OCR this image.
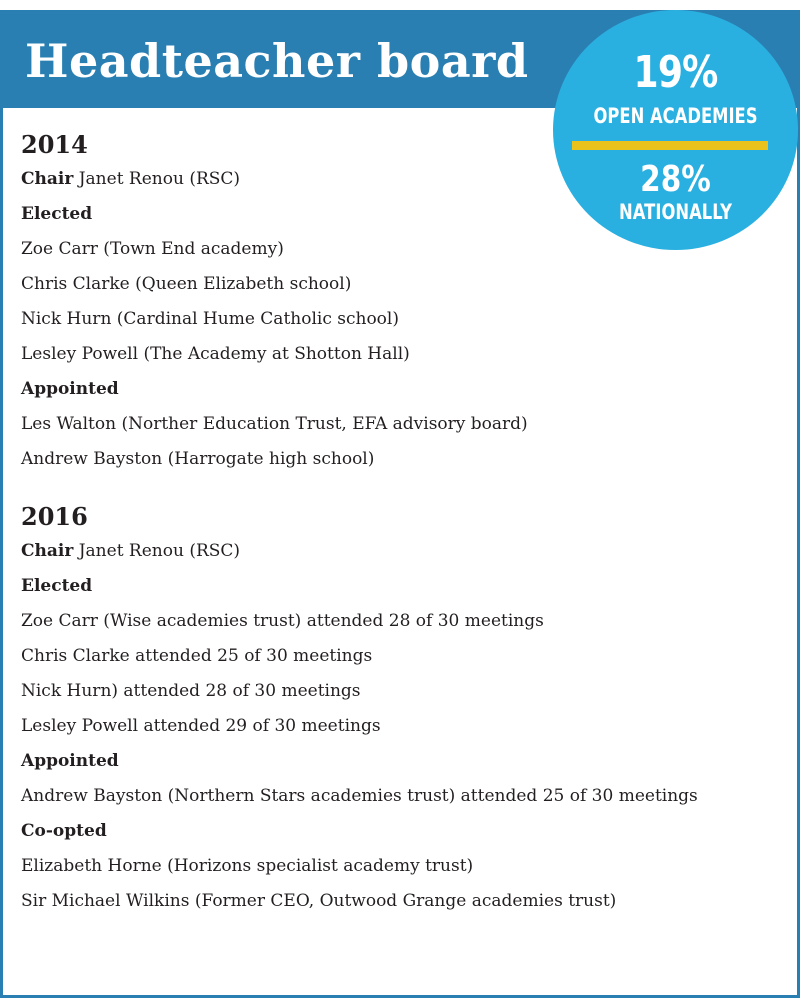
Headteacher board	19%
OPEN ACADEMIES
28%
NATIONALLY
2014
Chair Janet Renou (RSC)
Elected
Zoe Carr (Town End academy)
Chris Clarke (Queen Elizabeth school)
Nick Hurn (Cardinal Hume Catholic school)
Lesley Powell (The Academy at Shotton Hall)
Appointed
Les Walton (Norther Education Trust, EFA advisory board)
Andrew Bayston (Harrogate high school)
2016
Chair Janet Renou (RSC)
Elected
Zoe Carr (Wise academies trust) attended 28 of 30 meetings
Chris Clarke attended 25 of 30 meetings
Nick Hurn) attended 28 of 30 meetings
Lesley Powell attended 29 of 30 meetings
Appointed
Andrew Bayston (Northern Stars academies trust) attended 25 of 30 meetings
Co-opted
Elizabeth Horne (Horizons specialist academy trust)
Sir Michael Wilkins (Former CEO, Outwood Grange academies trust)
